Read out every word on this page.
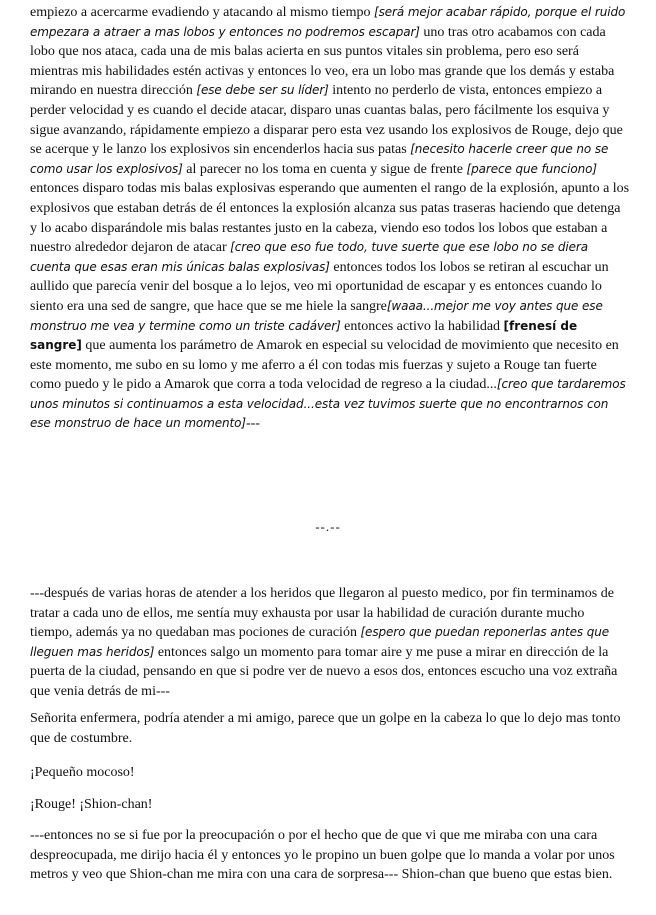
empiezo a acercarme evadiendo y atacando al mismo tiempo [será mejor acabar rápido, porque el ruido empezara a atraer a mas lobos y entonces no podremos escapar] uno tras otro acabamos con cada lobo que nos ataca, cada una de mis balas acierta en sus puntos vitales sin problema, pero eso será mientras mis habilidades estén activas y entonces lo veo, era un lobo mas grande que los demás y estaba mirando en nuestra dirección [ese debe ser su líder] intento no perderlo de vista, entonces empiezo a perder velocidad y es cuando el decide atacar, disparo unas cuantas balas, pero fácilmente los esquiva y sigue avanzando, rápidamente empiezo a disparar pero esta vez usando los explosivos de Rouge, dejo que se acerque y le lanzo los explosivos sin encenderlos hacia sus patas [necesito hacerle creer que no se como usar los explosivos] al parecer no los toma en cuenta y sigue de frente [parece que funciono] entonces disparo todas mis balas explosivas esperando que aumenten el rango de la explosión, apunto a los explosivos que estaban detrás de él entonces la explosión alcanza sus patas traseras haciendo que detenga y lo acabo disparándole mis balas restantes justo en la cabeza, viendo eso todos los lobos que estaban a nuestro alrededor dejaron de atacar [creo que eso fue todo, tuve suerte que ese lobo no se diera cuenta que esas eran mis únicas balas explosivas] entonces todos los lobos se retiran al escuchar un aullido que parecía venir del bosque a lo lejos, veo mi oportunidad de escapar y es entonces cuando lo siento era una sed de sangre, que hace que se me hiele la sangre[waaa...mejor me voy antes que ese monstruo me vea y termine como un triste cadáver] entonces activo la habilidad [frenesí de sangre] que aumenta los parámetro de Amarok en especial su velocidad de movimiento que necesito en este momento, me subo en su lomo y me aferro a él con todas mis fuerzas y sujeto a Rouge tan fuerte como puedo y le pido a Amarok que corra a toda velocidad de regreso a la ciudad...[creo que tardaremos unos minutos si continuamos a esta velocidad...esta vez tuvimos suerte que no encontrarnos con ese monstruo de hace un momento]---

--.--

---después de varias horas de atender a los heridos que llegaron al puesto medico, por fin terminamos de tratar a cada uno de ellos, me sentía muy exhausta por usar la habilidad de curación durante mucho tiempo, además ya no quedaban mas pociones de curación [espero que puedan reponerlas antes que lleguen mas heridos] entonces salgo un momento para tomar aire y me puse a mirar en dirección de la puerta de la ciudad, pensando en que si podre ver de nuevo a esos dos, entonces escucho una voz extraña que venia detrás de mi---

Señorita enfermera, podría atender a mi amigo, parece que un golpe en la cabeza lo que lo dejo mas tonto que de costumbre.

¡Pequeño mocoso!

¡Rouge! ¡Shion-chan!

---entonces no se si fue por la preocupación o por el hecho que de que vi que me miraba con una cara despreocupada, me dirijo hacia él y entonces yo le propino un buen golpe que lo manda a volar por unos metros y veo que Shion-chan me mira con una cara de sorpresa--- Shion-chan que bueno que estas bien.
